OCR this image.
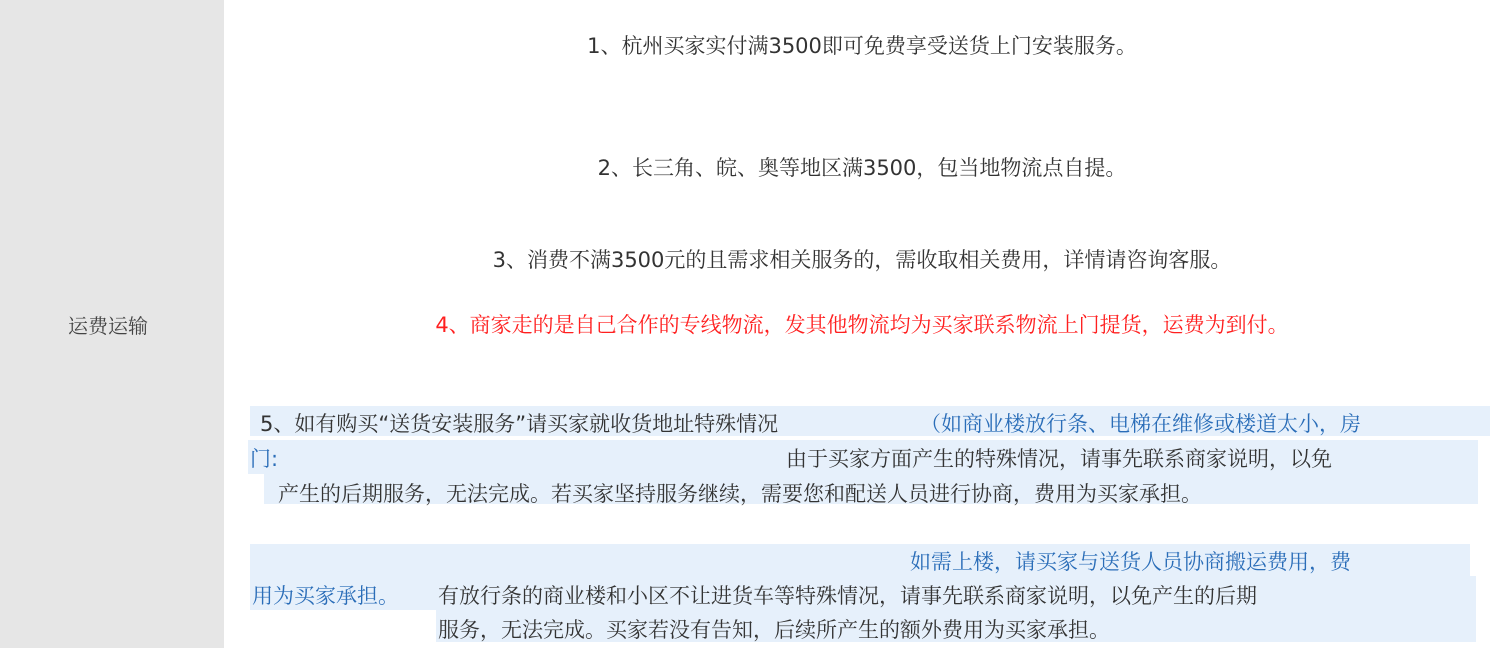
运费运输
1、杭州买家实付满3500即可免费享受送货上门安装服务。
2、长三角、皖、奥等地区满3500，包当地物流点自提。
3、消费不满3500元的且需求相关服务的，需收取相关费用，详情请咨询客服。
4、商家走的是自己合作的专线物流，发其他物流均为买家联系物流上门提货，运费为到付。
5、如有购买“送货安装服务”请买家就收货地址特殊情况	（如商业楼放行条、电梯在维修或楼道太小，房
门:	由于买家方面产生的特殊情况，请事先联系商家说明，以免
产生的后期服务，无法完成。若买家坚持服务继续，需要您和配送人员进行协商，费用为买家承担。
如需上楼，请买家与送货人员协商搬运费用，费
用为买家承担。 有放行条的商业楼和小区不让进货车等特殊情况，请事先联系商家说明，以免产生的后期
服务，无法完成。买家若没有告知，后续所产生的额外费用为买家承担。
